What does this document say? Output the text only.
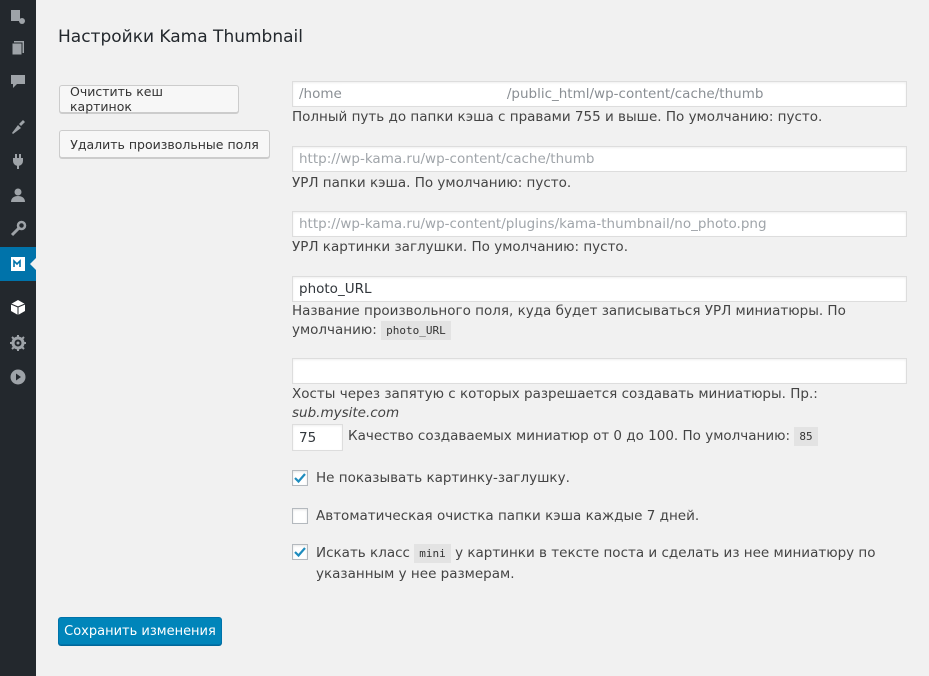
Настройки Kama Thumbnail
Очистить кеш картинок
Удалить произвольные поля
/home	/public_html/wp-content/cache/thumb
Полный путь до папки кэша с правами 755 и выше. По умолчанию: пусто.
http://wp-kama.ru/wp-content/cache/thumb
УРЛ папки кэша. По умолчанию: пусто.
http://wp-kama.ru/wp-content/plugins/kama-thumbnail/no_photo.png
УРЛ картинки заглушки. По умолчанию: пусто.
photo_URL
Название произвольного поля, куда будет записываться УРЛ миниатюры. По
умолчанию: photo_URL
Хосты через запятую с которых разрешается создавать миниатюры. Пр.: sub.mysite.com
75
Качество создаваемых миниатюр от 0 до 100. По умолчанию: 85
Не показывать картинку-заглушку.
Автоматическая очистка папки кэша каждые 7 дней.
Искать класс mini у картинки в тексте поста и сделать из нее миниатюру по
указанным у нее размерам.
Сохранить изменения
